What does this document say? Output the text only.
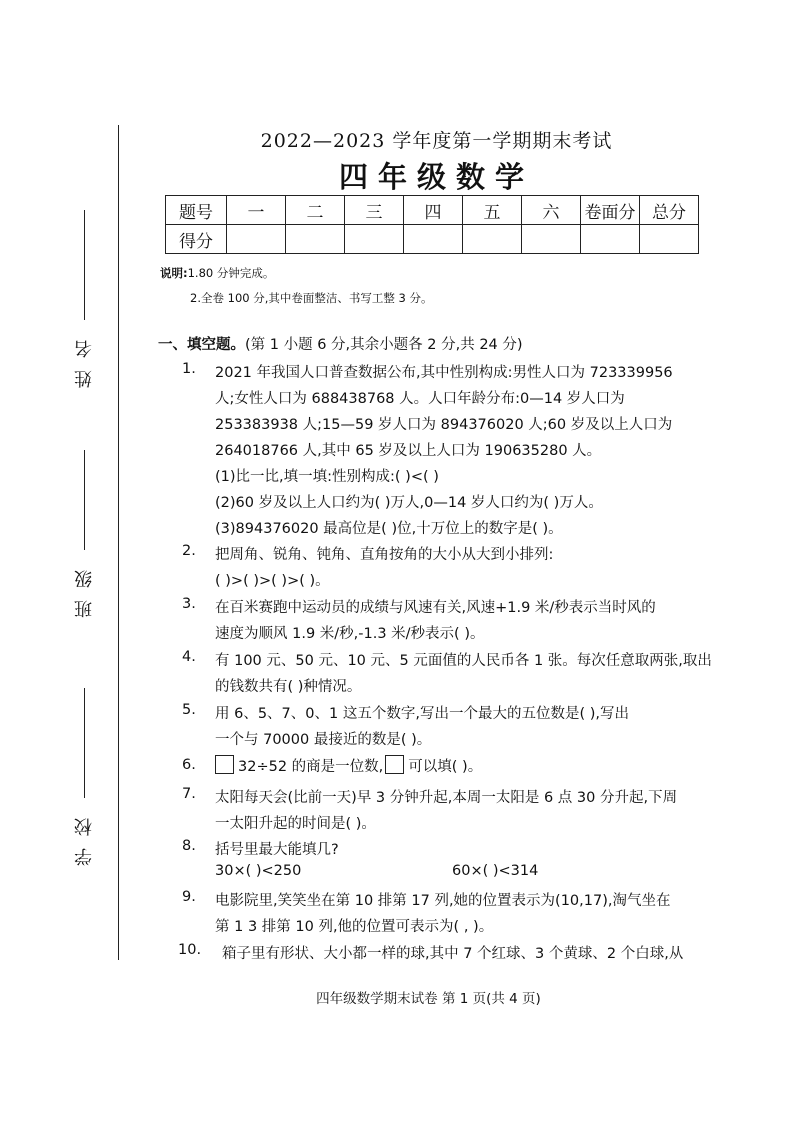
姓名
班级
学校
2022—2023 学年度第一学期期末考试
四年级数学
题号	一	二	三	四	五	六	卷面分	总分
得分								
说明:1.80 分钟完成。
2.全卷 100 分,其中卷面整洁、书写工整 3 分。
一、填空题。(第 1 小题 6 分,其余小题各 2 分,共 24 分)
1. 2021 年我国人口普查数据公布,其中性别构成:男性人口为 723339956
人;女性人口为 688438768 人。人口年龄分布:0—14 岁人口为
253383938 人;15—59 岁人口为 894376020 人;60 岁及以上人口为
264018766 人,其中 65 岁及以上人口为 190635280 人。
(1)比一比,填一填:性别构成:( )<( )
(2)60 岁及以上人口约为( )万人,0—14 岁人口约为( )万人。
(3)894376020 最高位是( )位,十万位上的数字是( )。
2. 把周角、锐角、钝角、直角按角的大小从大到小排列:
( )>( )>( )>( )。
3. 在百米赛跑中运动员的成绩与风速有关,风速+1.9 米/秒表示当时风的
速度为顺风 1.9 米/秒,-1.3 米/秒表示( )。
4. 有 100 元、50 元、10 元、5 元面值的人民币各 1 张。每次任意取两张,取出
的钱数共有( )种情况。
5. 用 6、5、7、0、1 这五个数字,写出一个最大的五位数是( ),写出
一个与 70000 最接近的数是( )。
6.	32÷52 的商是一位数, 可以填( )。
7. 太阳每天会(比前一天)早 3 分钟升起,本周一太阳是 6 点 30 分升起,下周
一太阳升起的时间是( )。
8. 括号里最大能填几?
30×( )<250	60×( )<314
9. 电影院里,笑笑坐在第 10 排第 17 列,她的位置表示为(10,17),淘气坐在
第 1 3 排第 10 列,他的位置可表示为( , )。
10. 箱子里有形状、大小都一样的球,其中 7 个红球、3 个黄球、2 个白球,从
四年级数学期末试卷 第 1 页(共 4 页)
